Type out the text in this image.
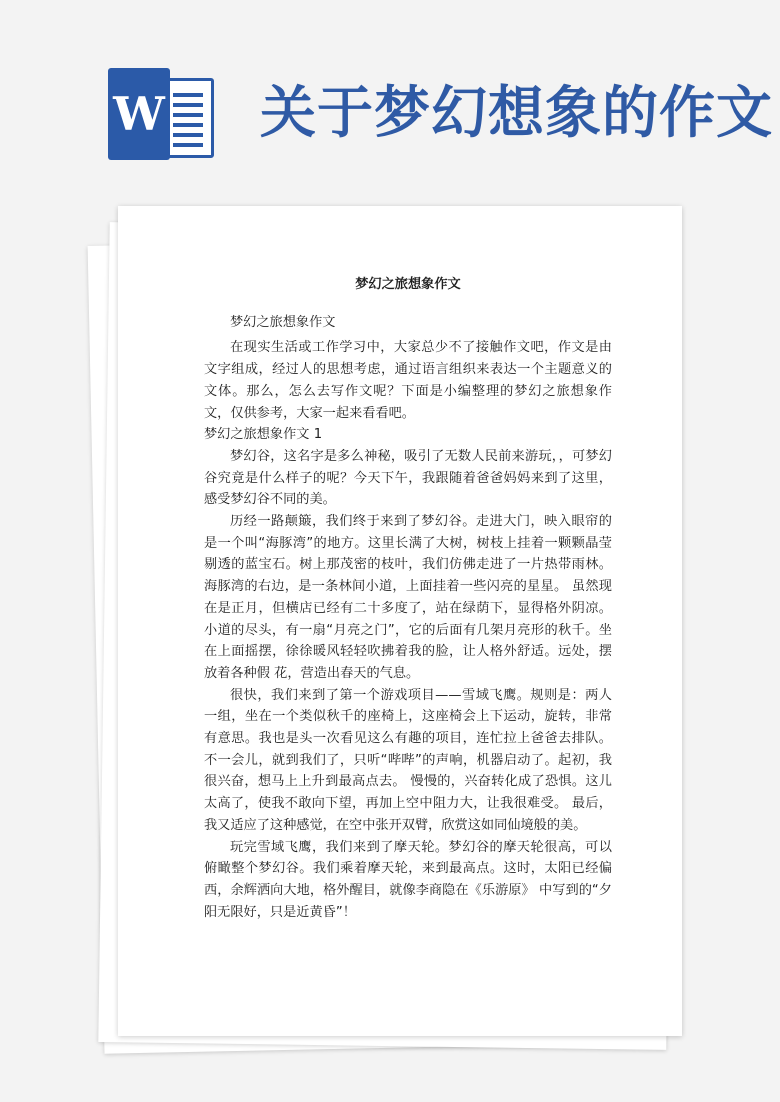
W 关于梦幻想象的作文

梦幻之旅想象作文

梦幻之旅想象作文

在现实生活或工作学习中，大家总少不了接触作文吧，作文是由文字组成，经过人的思想考虑，通过语言组织来表达一个主题意义的文体。那么，怎么去写作文呢？下面是小编整理的梦幻之旅想象作文，仅供参考，大家一起来看看吧。

梦幻之旅想象作文 1

梦幻谷，这名字是多么神秘，吸引了无数人民前来游玩，，可梦幻谷究竟是什么样子的呢？今天下午，我跟随着爸爸妈妈来到了这里，感受梦幻谷不同的美。

历经一路颠簸，我们终于来到了梦幻谷。走进大门，映入眼帘的是一个叫“海豚湾”的地方。这里长满了大树，树枝上挂着一颗颗晶莹剔透的蓝宝石。树上那茂密的枝叶，我们仿佛走进了一片热带雨林。海豚湾的右边，是一条林间小道，上面挂着一些闪亮的星星。 虽然现在是正月，但横店已经有二十多度了，站在绿荫下，显得格外阴凉。小道的尽头，有一扇“月亮之门”，它的后面有几架月亮形的秋千。坐在上面摇摆，徐徐暖风轻轻吹拂着我的脸，让人格外舒适。远处，摆放着各种假 花，营造出春天的气息。

很快，我们来到了第一个游戏项目——雪域飞鹰。规则是：两人一组，坐在一个类似秋千的座椅上，这座椅会上下运动，旋转，非常有意思。我也是头一次看见这么有趣的项目，连忙拉上爸爸去排队。不一会儿，就到我们了，只听“哔哔”的声响，机器启动了。起初，我很兴奋，想马上上升到最高点去。 慢慢的，兴奋转化成了恐惧。这儿太高了，使我不敢向下望，再加上空中阻力大，让我很难受。 最后，我又适应了这种感觉，在空中张开双臂，欣赏这如同仙境般的美。

玩完雪域飞鹰，我们来到了摩天轮。梦幻谷的摩天轮很高，可以俯瞰整个梦幻谷。我们乘着摩天轮，来到最高点。这时，太阳已经偏西，余辉洒向大地，格外醒目，就像李商隐在《乐游原》 中写到的“夕阳无限好，只是近黄昏”！
